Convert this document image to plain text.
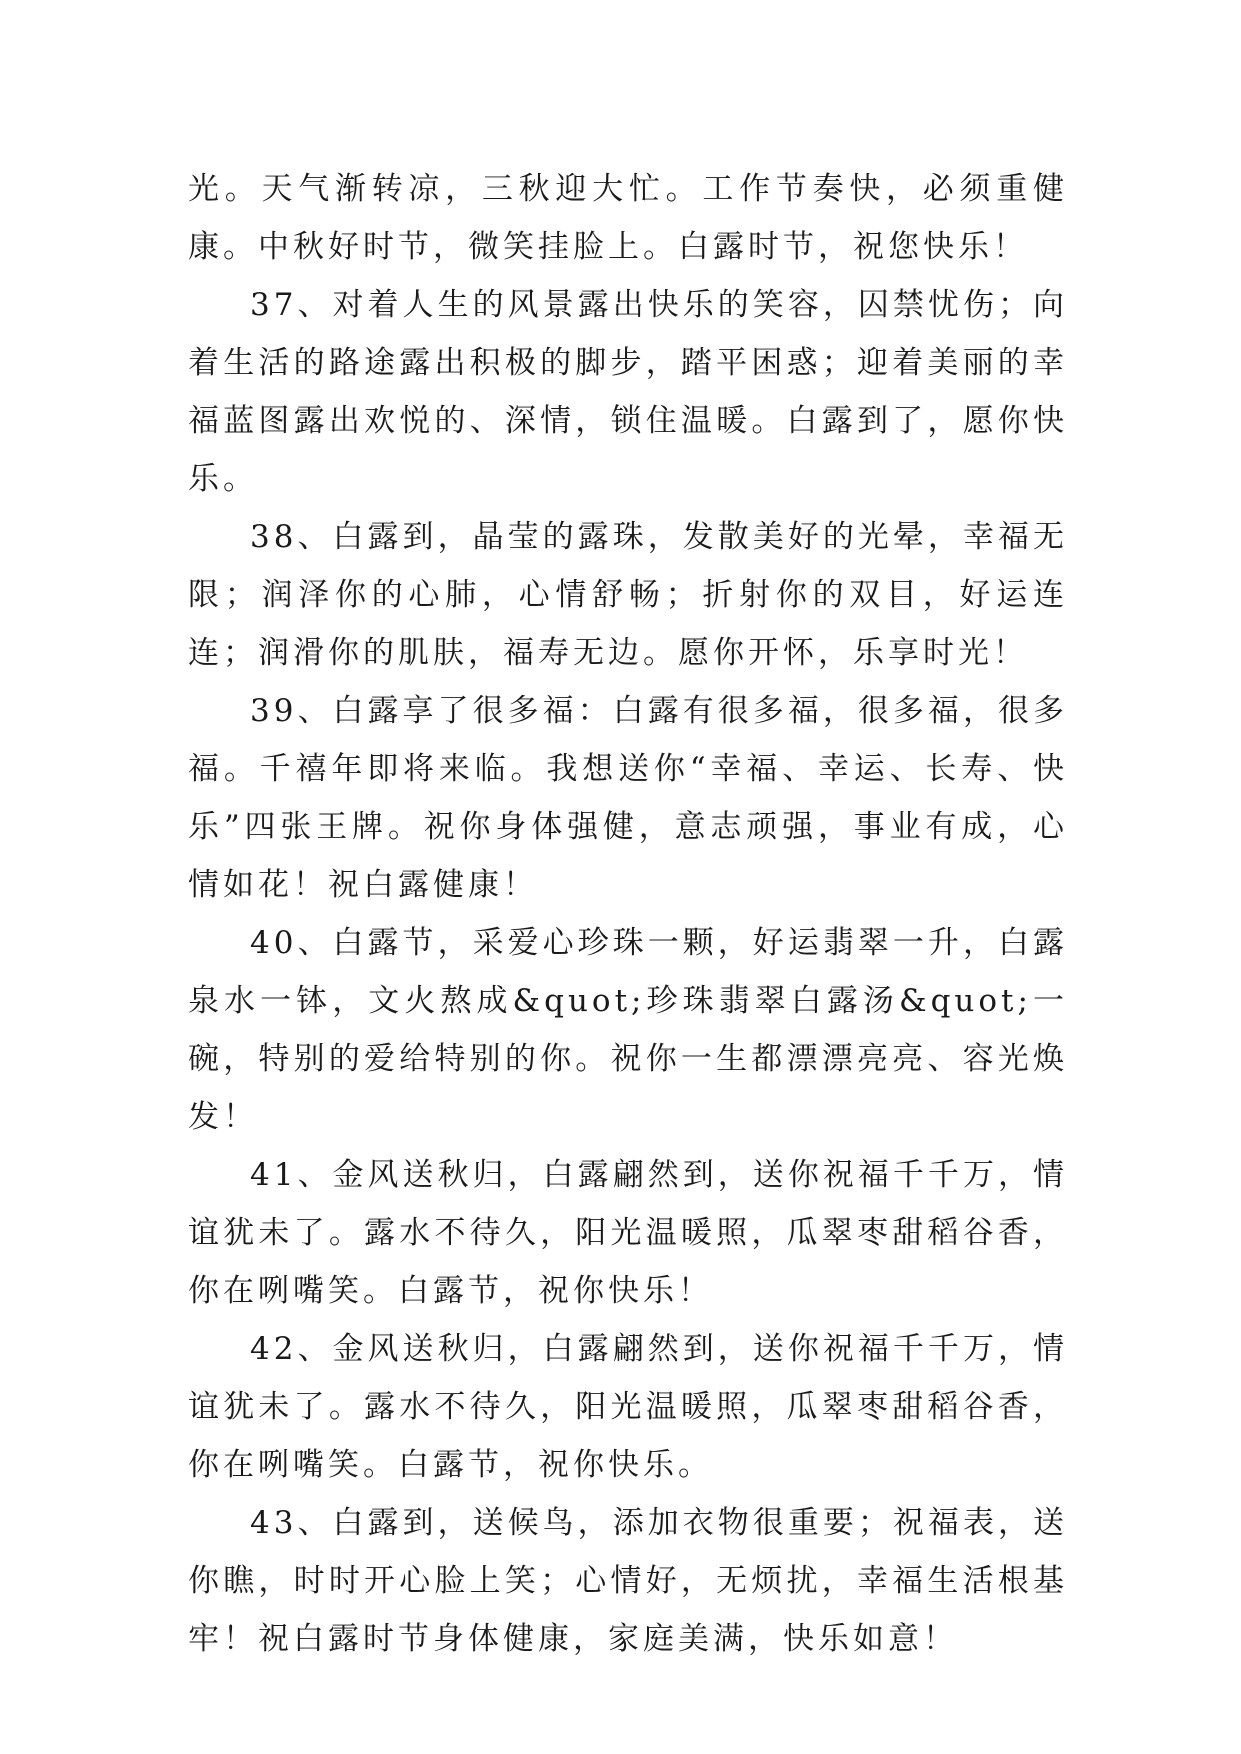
光。天气渐转凉，三秋迎大忙。工作节奏快，必须重健康。中秋好时节，微笑挂脸上。白露时节，祝您快乐！

37、对着人生的风景露出快乐的笑容，囚禁忧伤；向着生活的路途露出积极的脚步，踏平困惑；迎着美丽的幸福蓝图露出欢悦的、深情，锁住温暖。白露到了，愿你快乐。

38、白露到，晶莹的露珠，发散美好的光晕，幸福无限；润泽你的心肺，心情舒畅；折射你的双目，好运连连；润滑你的肌肤，福寿无边。愿你开怀，乐享时光！

39、白露享了很多福：白露有很多福，很多福，很多福。千禧年即将来临。我想送你“幸福、幸运、长寿、快乐”四张王牌。祝你身体强健，意志顽强，事业有成，心情如花！祝白露健康！

40、白露节，采爱心珍珠一颗，好运翡翠一升，白露泉水一钵，文火熬成&quot;珍珠翡翠白露汤&quot;一碗，特别的爱给特别的你。祝你一生都漂漂亮亮、容光焕发！

41、金风送秋归，白露翩然到，送你祝福千千万，情谊犹未了。露水不待久，阳光温暖照，瓜翠枣甜稻谷香，你在咧嘴笑。白露节，祝你快乐！

42、金风送秋归，白露翩然到，送你祝福千千万，情谊犹未了。露水不待久，阳光温暖照，瓜翠枣甜稻谷香，你在咧嘴笑。白露节，祝你快乐。

43、白露到，送候鸟，添加衣物很重要；祝福表，送你瞧，时时开心脸上笑；心情好，无烦扰，幸福生活根基牢！祝白露时节身体健康，家庭美满，快乐如意！
